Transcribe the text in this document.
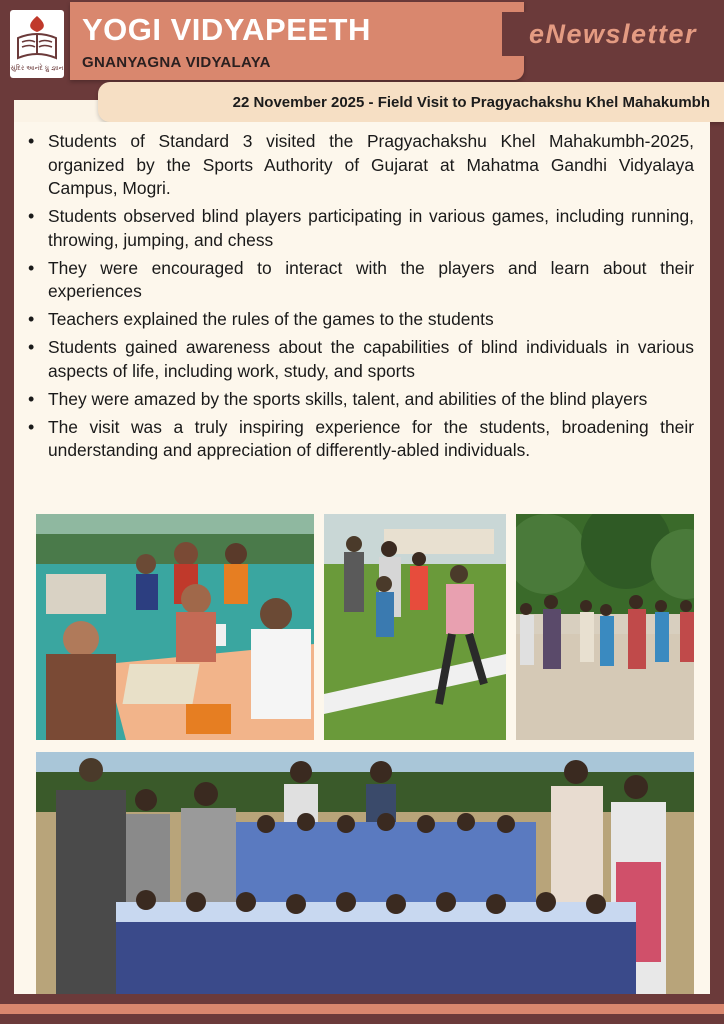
સુંદિર આનંદે ધ્રુ જ્ઞાન
YOGI VIDYAPEETH
GNANYAGNA VIDYALAYA
eNewsletter
22 November 2025 - Field Visit to Pragyachakshu Khel Mahakumbh
• Students of Standard 3 visited the Pragyachakshu Khel Mahakumbh-2025, organized by the Sports Authority of Gujarat at Mahatma Gandhi Vidyalaya Campus, Mogri.
• Students observed blind players participating in various games, including running, throwing, jumping, and chess
• They were encouraged to interact with the players and learn about their experiences
• Teachers explained the rules of the games to the students
• Students gained awareness about the capabilities of blind individuals in various aspects of life, including work, study, and sports
• They were amazed by the sports skills, talent, and abilities of the blind players
• The visit was a truly inspiring experience for the students, broadening their understanding and appreciation of differently-abled individuals.
